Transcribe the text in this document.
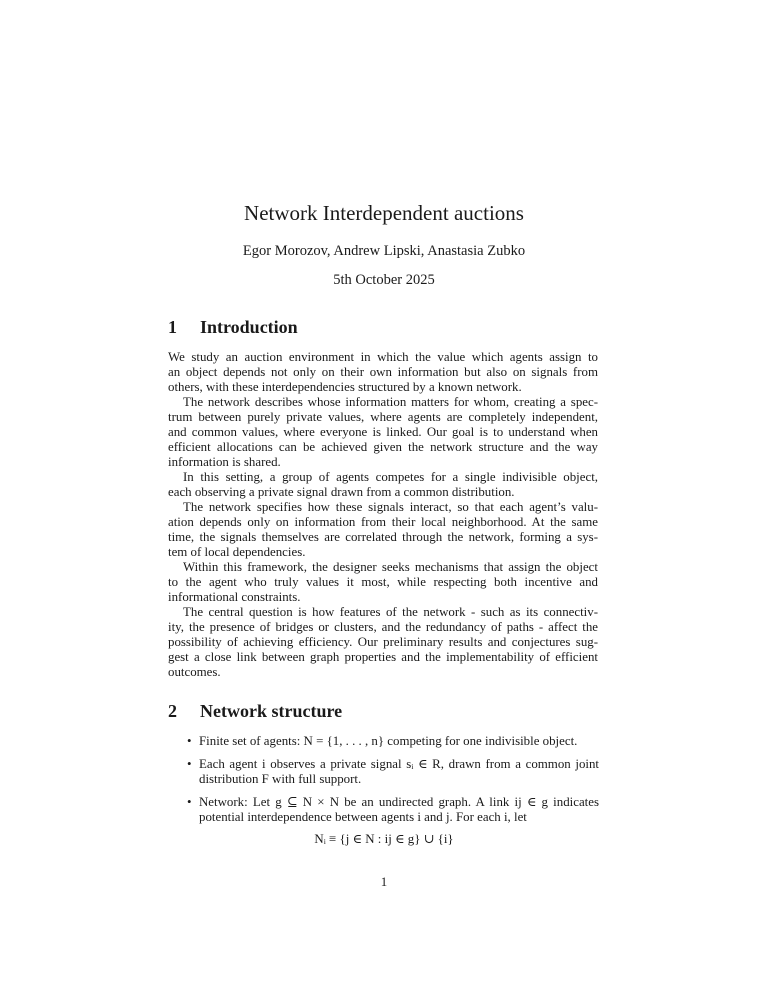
Network Interdependent auctions
Egor Morozov, Andrew Lipski, Anastasia Zubko
5th October 2025
1 Introduction
We study an auction environment in which the value which agents assign to
an object depends not only on their own information but also on signals from
others, with these interdependencies structured by a known network.
The network describes whose information matters for whom, creating a spec-
trum between purely private values, where agents are completely independent,
and common values, where everyone is linked. Our goal is to understand when
efficient allocations can be achieved given the network structure and the way
information is shared.
In this setting, a group of agents competes for a single indivisible object,
each observing a private signal drawn from a common distribution.
The network specifies how these signals interact, so that each agent’s valu-
ation depends only on information from their local neighborhood. At the same
time, the signals themselves are correlated through the network, forming a sys-
tem of local dependencies.
Within this framework, the designer seeks mechanisms that assign the object
to the agent who truly values it most, while respecting both incentive and
informational constraints.
The central question is how features of the network - such as its connectiv-
ity, the presence of bridges or clusters, and the redundancy of paths - affect the
possibility of achieving efficiency. Our preliminary results and conjectures sug-
gest a close link between graph properties and the implementability of efficient
outcomes.
2 Network structure
• Finite set of agents: N = {1, . . . , n} competing for one indivisible object.
• Each agent i observes a private signal sᵢ ∈ R, drawn from a common joint
distribution F with full support.
• Network: Let g ⊆ N × N be an undirected graph. A link ij ∈ g indicates
potential interdependence between agents i and j. For each i, let
Nᵢ ≡ {j ∈ N : ij ∈ g} ∪ {i}
1
